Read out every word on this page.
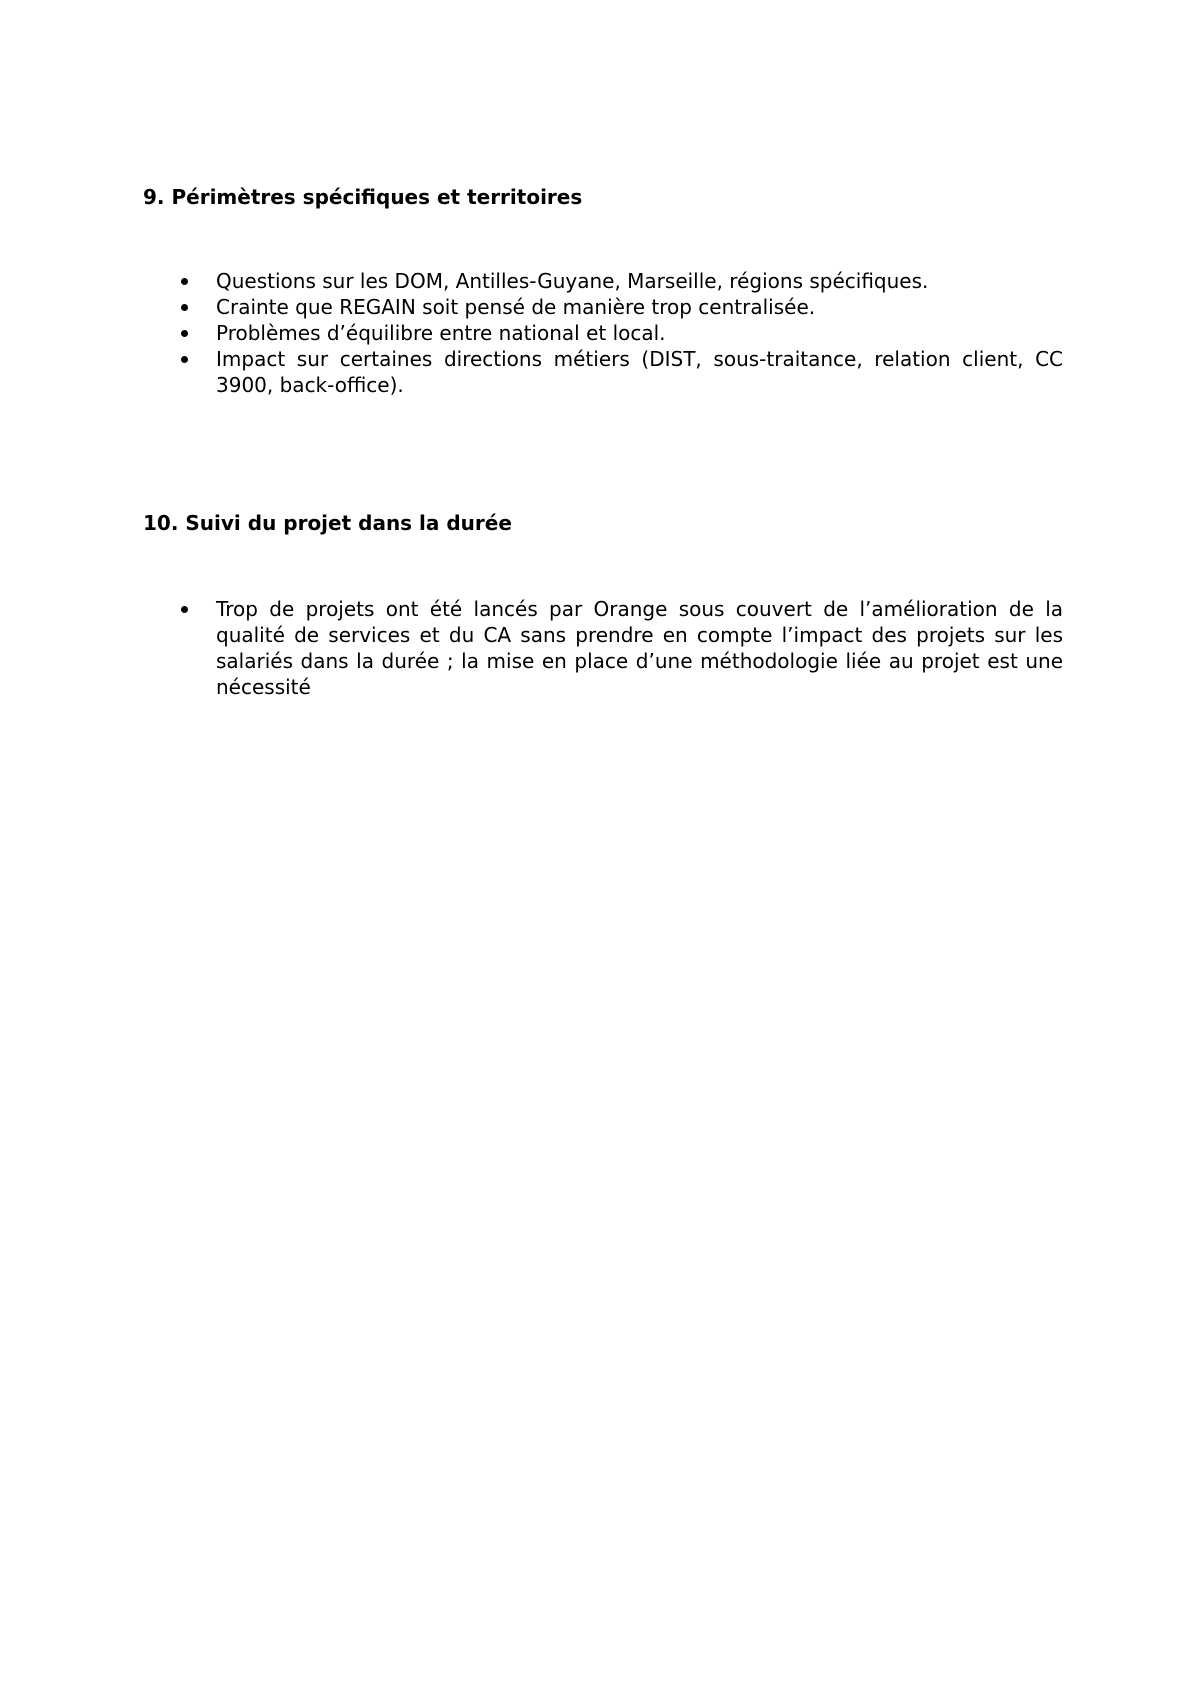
9. Périmètres spécifiques et territoires
Questions sur les DOM, Antilles-Guyane, Marseille, régions spécifiques.
Crainte que REGAIN soit pensé de manière trop centralisée.
Problèmes d’équilibre entre national et local.
Impact sur certaines directions métiers (DIST, sous-traitance, relation client, CC 3900, back-office).
10. Suivi du projet dans la durée
Trop de projets ont été lancés par Orange sous couvert de l’amélioration de la qualité de services et du CA sans prendre en compte l’impact des projets sur les salariés dans la durée ; la mise en place d’une méthodologie liée au projet est une nécessité
